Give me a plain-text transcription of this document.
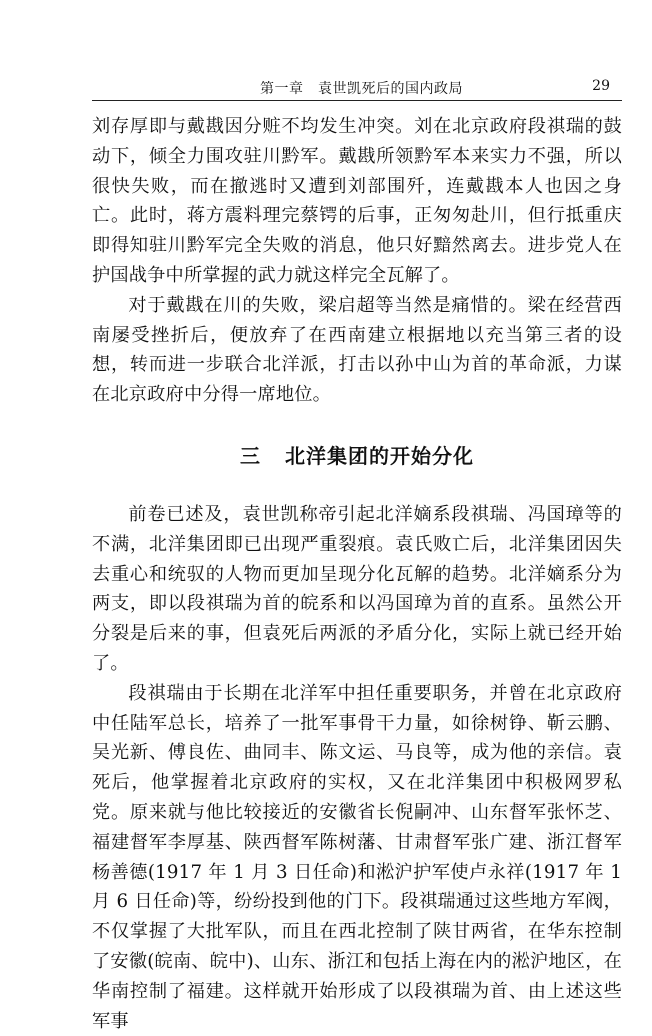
第一章　袁世凯死后的国内政局	29

刘存厚即与戴戡因分赃不均发生冲突。刘在北京政府段祺瑞的鼓动下，倾全力围攻驻川黔军。戴戡所领黔军本来实力不强，所以很快失败，而在撤逃时又遭到刘部围歼，连戴戡本人也因之身亡。此时，蒋方震料理完蔡锷的后事，正匆匆赴川，但行抵重庆即得知驻川黔军完全失败的消息，他只好黯然离去。进步党人在护国战争中所掌握的武力就这样完全瓦解了。

对于戴戡在川的失败，梁启超等当然是痛惜的。梁在经营西南屡受挫折后，便放弃了在西南建立根据地以充当第三者的设想，转而进一步联合北洋派，打击以孙中山为首的革命派，力谋在北京政府中分得一席地位。

三 北洋集团的开始分化

前卷已述及，袁世凯称帝引起北洋嫡系段祺瑞、冯国璋等的不满，北洋集团即已出现严重裂痕。袁氏败亡后，北洋集团因失去重心和统驭的人物而更加呈现分化瓦解的趋势。北洋嫡系分为两支，即以段祺瑞为首的皖系和以冯国璋为首的直系。虽然公开分裂是后来的事，但袁死后两派的矛盾分化，实际上就已经开始了。

段祺瑞由于长期在北洋军中担任重要职务，并曾在北京政府中任陆军总长，培养了一批军事骨干力量，如徐树铮、靳云鹏、吴光新、傅良佐、曲同丰、陈文运、马良等，成为他的亲信。袁死后，他掌握着北京政府的实权，又在北洋集团中积极网罗私党。原来就与他比较接近的安徽省长倪嗣冲、山东督军张怀芝、福建督军李厚基、陕西督军陈树藩、甘肃督军张广建、浙江督军杨善德(1917 年 1 月 3 日任命)和淞沪护军使卢永祥(1917 年 1 月 6 日任命)等，纷纷投到他的门下。段祺瑞通过这些地方军阀，不仅掌握了大批军队，而且在西北控制了陕甘两省，在华东控制了安徽(皖南、皖中)、山东、浙江和包括上海在内的淞沪地区，在华南控制了福建。这样就开始形成了以段祺瑞为首、由上述这些军事
